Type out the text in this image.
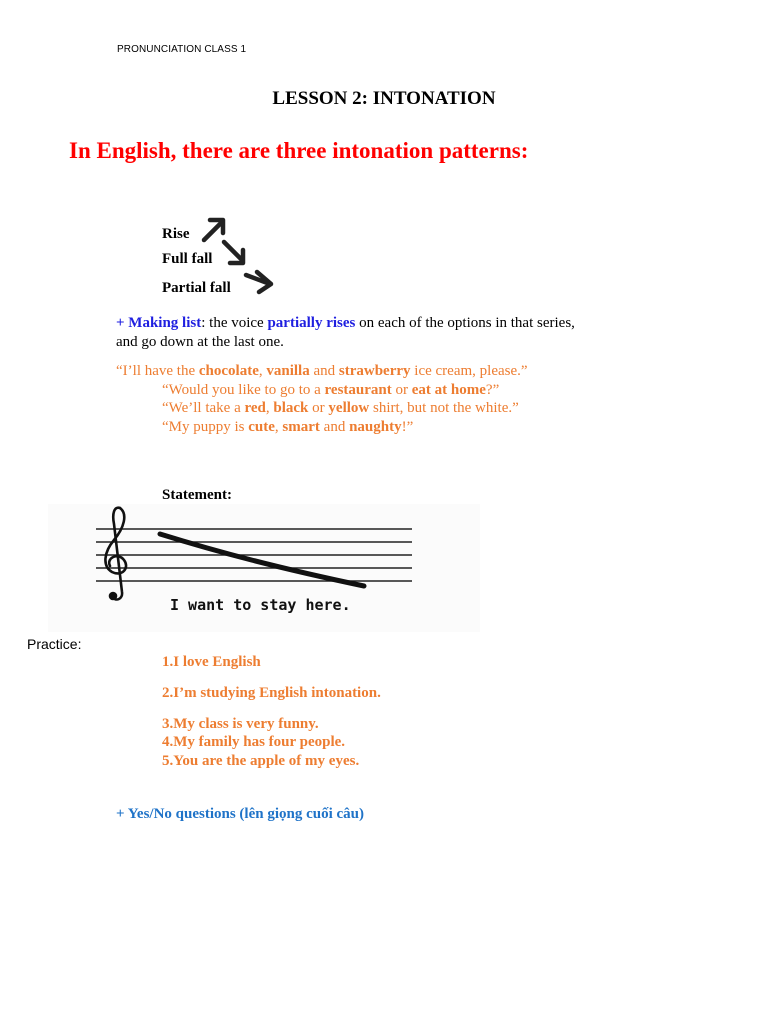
PRONUNCIATION CLASS 1
LESSON 2: INTONATION
In English, there are three intonation patterns:
Rise
Full fall
Partial fall
+ Making list: the voice partially rises on each of the options in that series,
and go down at the last one.
“I’ll have the chocolate, vanilla and strawberry ice cream, please.”
“Would you like to go to a restaurant or eat at home?”
“We’ll take a red, black or yellow shirt, but not the white.”
“My puppy is cute, smart and naughty!”
Statement:
I want to stay here.
Practice:
1.I love English
2.I’m studying English intonation.
3.My class is very funny.
4.My family has four people.
5.You are the apple of my eyes.
+ Yes/No questions (lên giọng cuối câu)
